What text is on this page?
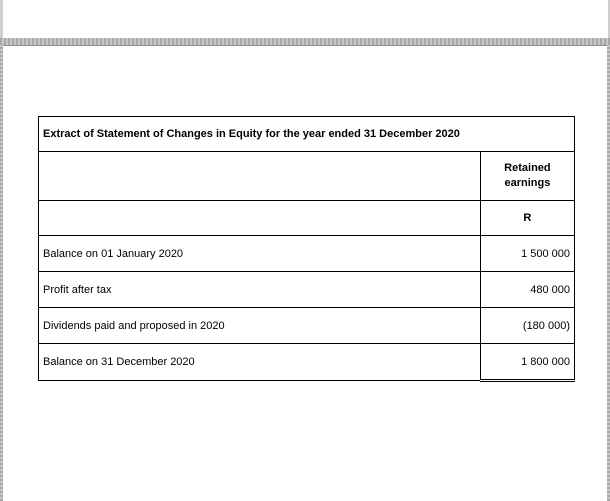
Extract of Statement of Changes in Equity for the year ended 31 December 2020	

	Retained
earnings

	R
Balance on 01 January 2020	1 500 000
Profit after tax	480 000
Dividends paid and proposed in 2020	(180 000)
Balance on 31 December 2020	1 800 000
